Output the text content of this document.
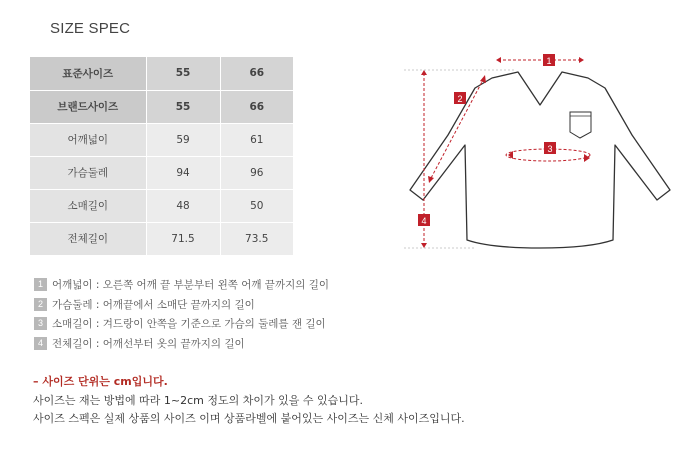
SIZE SPEC
표준사이즈	55	66
브랜드사이즈	55	66
어깨넓이	59	61
가슴둘레	94	96
소매길이	48	50
전체길이	71.5	73.5
1 어깨넓이 : 오른쪽 어깨 끝 부분부터 왼쪽 어깨 끝까지의 길이
2 가슴둘레 : 어깨끝에서 소매단 끝까지의 길이
3 소매길이 : 겨드랑이 안쪽을 기준으로 가슴의 둘레를 잰 길이
4 전체길이 : 어깨선부터 옷의 끝까지의 길이
– 사이즈 단위는 cm입니다.
사이즈는 재는 방법에 따라 1~2cm 정도의 차이가 있을 수 있습니다.
사이즈 스펙은 실제 상품의 사이즈 이며 상품라벨에 붙어있는 사이즈는 신체 사이즈입니다.
1
2
3
4
